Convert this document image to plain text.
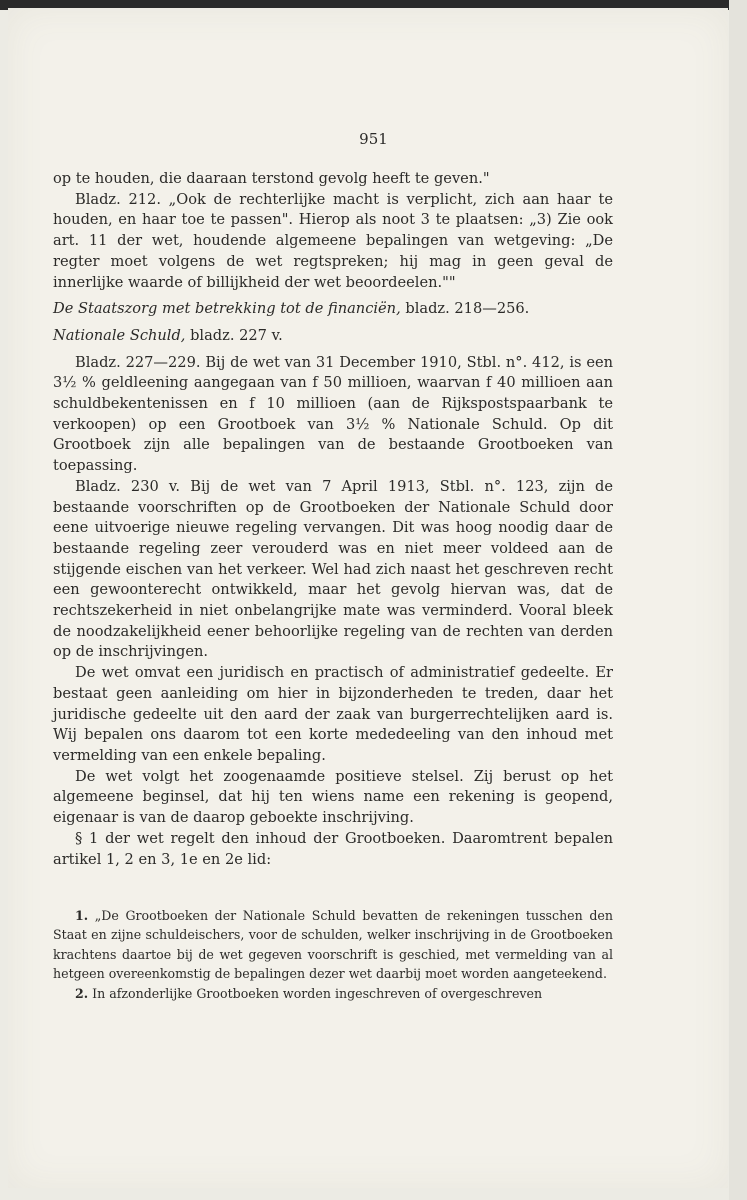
951

op te houden, die daaraan terstond gevolg heeft te geven."

Bladz. 212. „Ook de rechterlijke macht is verplicht, zich aan haar te houden, en haar toe te passen". Hierop als noot 3 te plaatsen: „3) Zie ook art. 11 der wet, houdende algemeene bepalingen van wetgeving: „De regter moet volgens de wet regtspreken; hij mag in geen geval de innerlijke waarde of billijkheid der wet beoordeelen.""

De Staatszorg met betrekking tot de financiën, bladz. 218—256.

Nationale Schuld, bladz. 227 v.

Bladz. 227—229. Bij de wet van 31 December 1910, Stbl. n°. 412, is een 3½ % geldleening aangegaan van f 50 millioen, waarvan f 40 millioen aan schuldbekentenissen en f 10 millioen (aan de Rijkspostspaarbank te verkoopen) op een Grootboek van 3½ % Nationale Schuld. Op dit Grootboek zijn alle bepalingen van de bestaande Grootboeken van toepassing.

Bladz. 230 v. Bij de wet van 7 April 1913, Stbl. n°. 123, zijn de bestaande voorschriften op de Grootboeken der Nationale Schuld door eene uitvoerige nieuwe regeling vervangen. Dit was hoog noodig daar de bestaande regeling zeer verouderd was en niet meer voldeed aan de stijgende eischen van het verkeer. Wel had zich naast het geschreven recht een gewoonterecht ontwikkeld, maar het gevolg hiervan was, dat de rechtszekerheid in niet onbelangrijke mate was verminderd. Vooral bleek de noodzakelijkheid eener behoorlijke regeling van de rechten van derden op de inschrijvingen.

De wet omvat een juridisch en practisch of administratief gedeelte. Er bestaat geen aanleiding om hier in bijzonderheden te treden, daar het juridische gedeelte uit den aard der zaak van burgerrechtelijken aard is. Wij bepalen ons daarom tot een korte mededeeling van den inhoud met vermelding van een enkele bepaling.

De wet volgt het zoogenaamde positieve stelsel. Zij berust op het algemeene beginsel, dat hij ten wiens name een rekening is geopend, eigenaar is van de daarop geboekte inschrijving.

§ 1 der wet regelt den inhoud der Grootboeken. Daaromtrent bepalen artikel 1, 2 en 3, 1e en 2e lid:

1. „De Grootboeken der Nationale Schuld bevatten de rekeningen tusschen den Staat en zijne schuldeischers, voor de schulden, welker inschrijving in de Grootboeken krachtens daartoe bij de wet gegeven voorschrift is geschied, met vermelding van al hetgeen overeenkomstig de bepalingen dezer wet daarbij moet worden aangeteekend.

2. In afzonderlijke Grootboeken worden ingeschreven of overgeschreven
